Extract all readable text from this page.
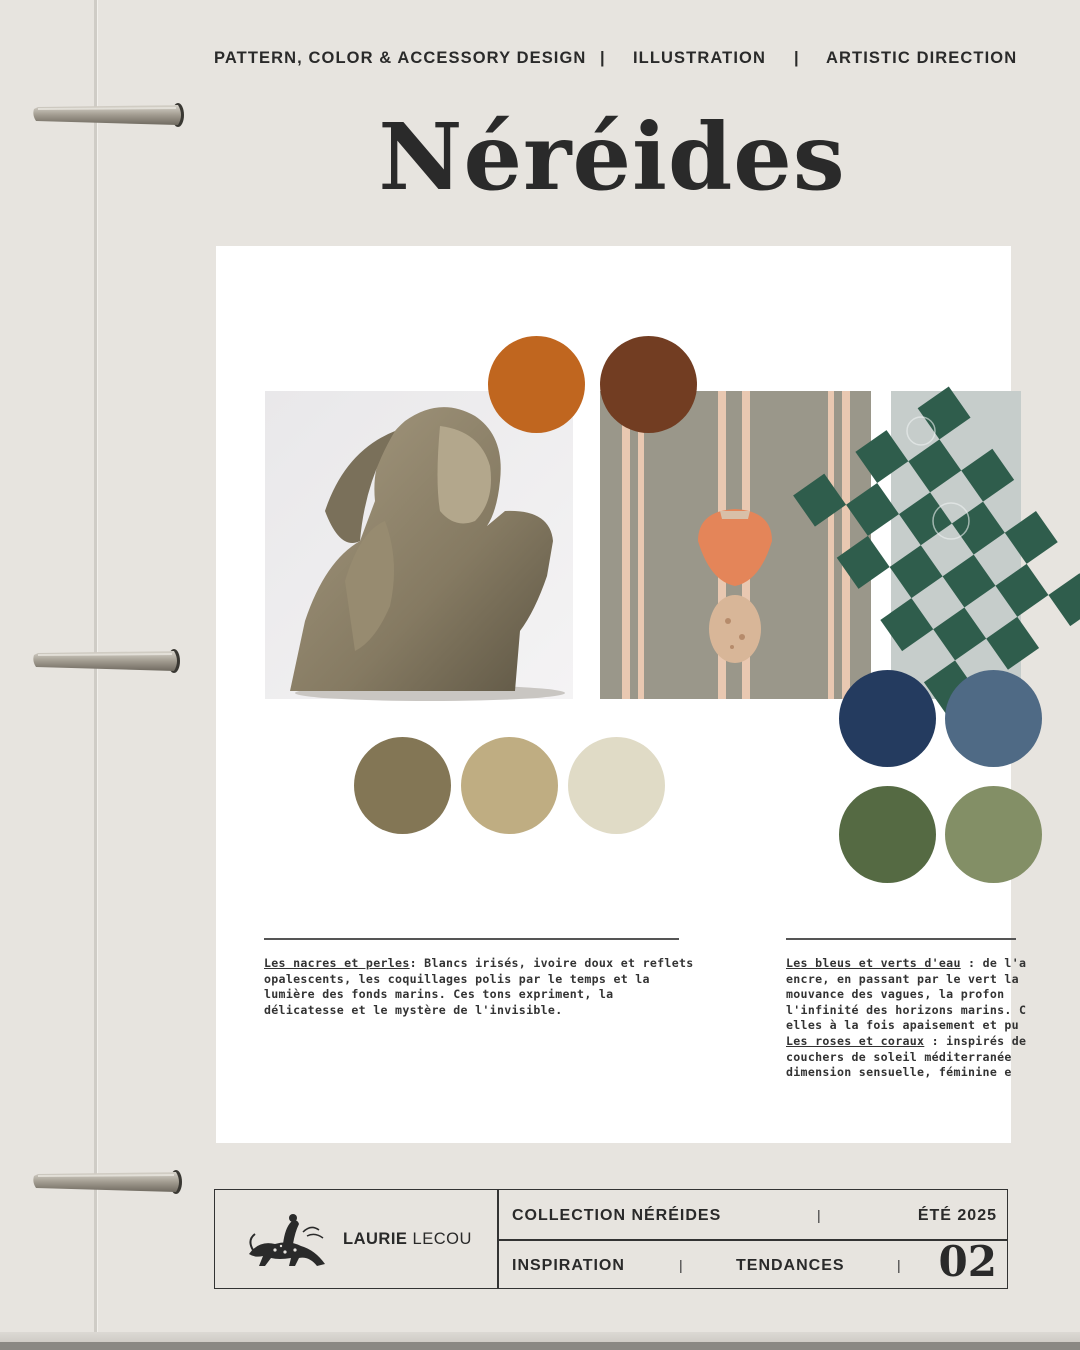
PATTERN, COLOR & ACCESSORY DESIGN | ILLUSTRATION | ARTISTIC DIRECTION
Néréides
Les nacres et perles: Blancs irisés, ivoire doux et reflets
opalescents, les coquillages polis par le temps et la
lumière des fonds marins. Ces tons expriment, la
délicatesse et le mystère de l'invisible.
Les bleus et verts d'eau : de l'a
encre, en passant par le vert la
mouvance des vagues, la profon
l'infinité des horizons marins. C
elles à la fois apaisement et pu
Les roses et coraux : inspirés de
couchers de soleil méditerranée
dimension sensuelle, féminine e
LAURIE LECOU
COLLECTION NÉRÉIDES	|	ÉTÉ 2025
INSPIRATION	|	TENDANCES	| 02
